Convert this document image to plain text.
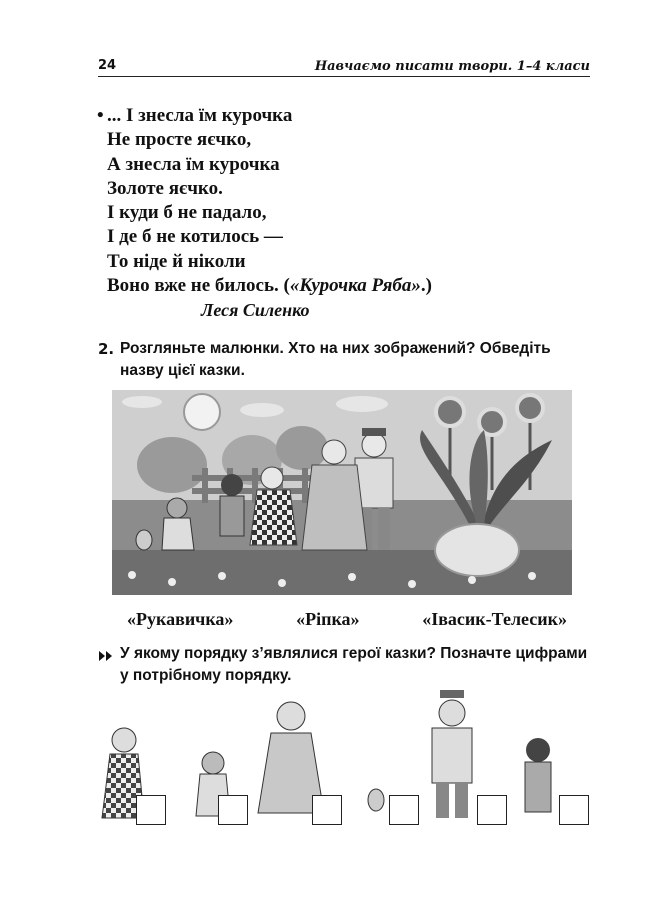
24	Навчаємо писати твори. 1–4 класи
• ... І знесла їм курочка
Не просте яєчко,
А знесла їм курочка
Золоте яєчко.
І куди б не падало,
І де б не котилось —
То ніде й ніколи
Воно вже не билось. («Курочка Ряба».)
Леся Силенко
2. Розгляньте малюнки. Хто на них зображений? Обведіть назву цієї казки.
«Рукавичка»	«Ріпка»	«Івасик-Телесик»
У якому порядку з’являлися герої казки? Позначте цифрами у потрібному порядку.
